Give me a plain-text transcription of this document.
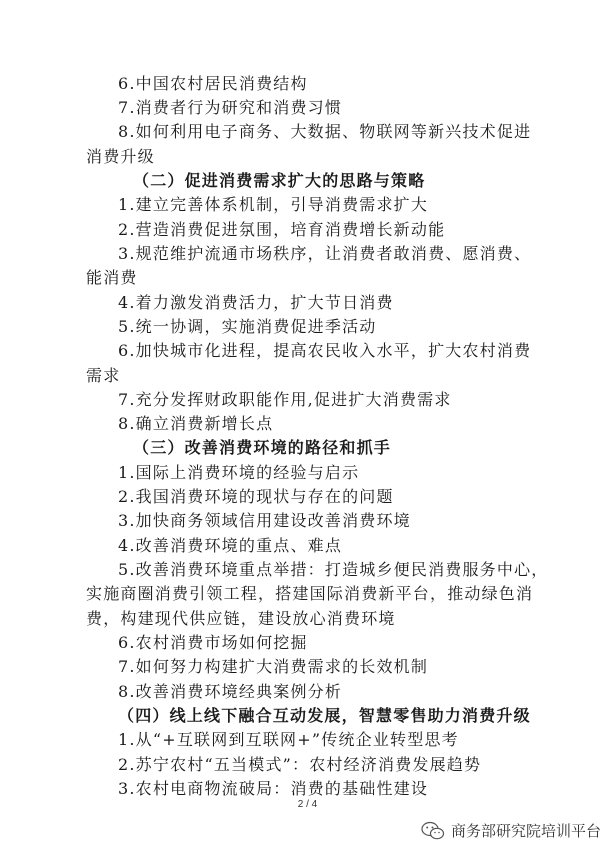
6.中国农村居民消费结构
7.消费者行为研究和消费习惯
8.如何利用电子商务、大数据、物联网等新兴技术促进
消费升级
（二）促进消费需求扩大的思路与策略
1.建立完善体系机制，引导消费需求扩大
2.营造消费促进氛围，培育消费增长新动能
3.规范维护流通市场秩序，让消费者敢消费、愿消费、
能消费
4.着力激发消费活力，扩大节日消费
5.统一协调，实施消费促进季活动
6.加快城市化进程，提高农民收入水平，扩大农村消费
需求
7.充分发挥财政职能作用,促进扩大消费需求
8.确立消费新增长点
（三）改善消费环境的路径和抓手
1.国际上消费环境的经验与启示
2.我国消费环境的现状与存在的问题
3.加快商务领域信用建设改善消费环境
4.改善消费环境的重点、难点
5.改善消费环境重点举措：打造城乡便民消费服务中心，
实施商圈消费引领工程，搭建国际消费新平台，推动绿色消
费，构建现代供应链，建设放心消费环境
6.农村消费市场如何挖掘
7.如何努力构建扩大消费需求的长效机制
8.改善消费环境经典案例分析
（四）线上线下融合互动发展，智慧零售助力消费升级
1.从“+互联网到互联网+”传统企业转型思考
2.苏宁农村“五当模式”：农村经济消费发展趋势
3.农村电商物流破局：消费的基础性建设
2 / 4
商务部研究院培训平台
